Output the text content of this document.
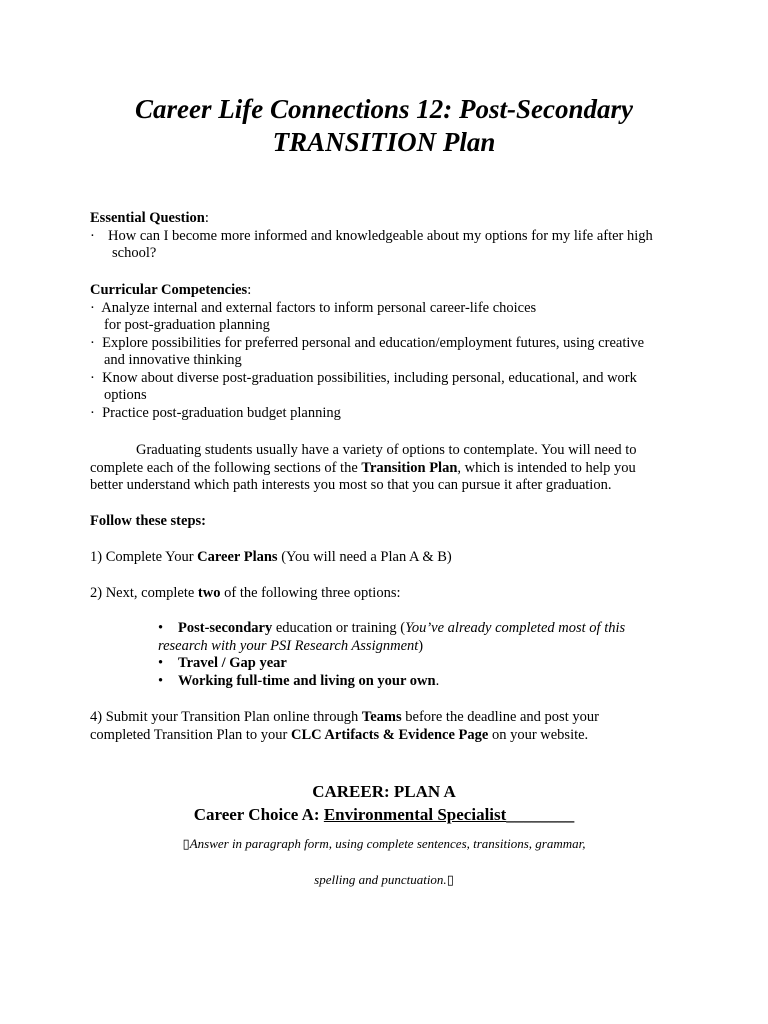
Career Life Connections 12: Post-Secondary
TRANSITION Plan
Essential Question:
· How can I become more informed and knowledgeable about my options for my life after high
school?
Curricular Competencies:
· Analyze internal and external factors to inform personal career-life choices
for post-graduation planning
· Explore possibilities for preferred personal and education/employment futures, using creative
and innovative thinking
· Know about diverse post-graduation possibilities, including personal, educational, and work
options
· Practice post-graduation budget planning
Graduating students usually have a variety of options to contemplate. You will need to
complete each of the following sections of the Transition Plan, which is intended to help you
better understand which path interests you most so that you can pursue it after graduation.
Follow these steps:
1) Complete Your Career Plans (You will need a Plan A & B)
2) Next, complete two of the following three options:
• Post-secondary education or training (You’ve already completed most of this
research with your PSI Research Assignment)
• Travel / Gap year
• Working full-time and living on your own.
4) Submit your Transition Plan online through Teams before the deadline and post your
completed Transition Plan to your CLC Artifacts & Evidence Page on your website.
CAREER: PLAN A
Career Choice A: Environmental Specialist________
▯Answer in paragraph form, using complete sentences, transitions, grammar,
spelling and punctuation.▯
